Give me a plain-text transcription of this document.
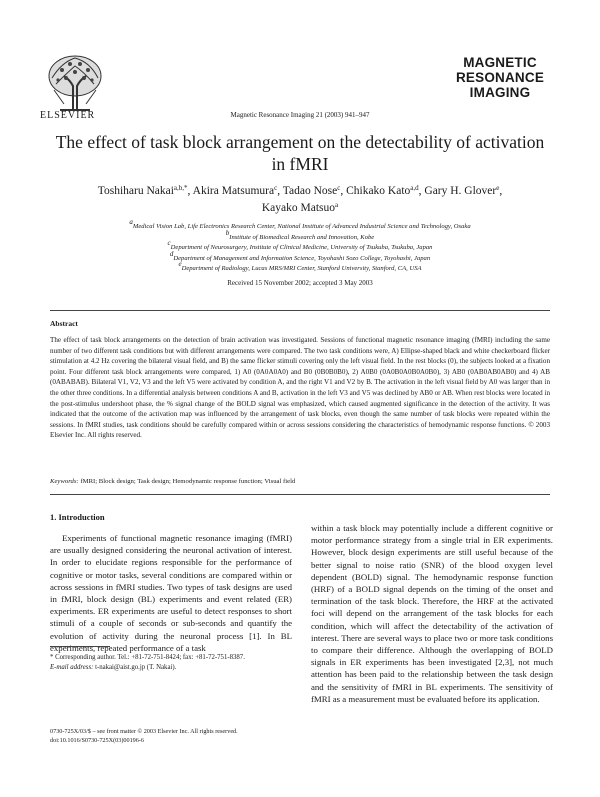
ELSEVIER	Magnetic Resonance Imaging 21 (2003) 941–947
MAGNETIC
RESONANCE
IMAGING
The effect of task block arrangement on the detectability of activation
in fMRI
Toshiharu Nakai$^{a,b,*}$, Akira Matsumura$^c$, Tadao Nose$^c$, Chikako Kato$^{a,d}$, Gary H. Glover$^e$,
Kayako Matsuo$^a$
$^a$Medical Vision Lab, Life Electronics Research Center, National Institute of Advanced Industrial Science and Technology, Osaka
$^b$Institute of Biomedical Research and Innovation, Kobe
$^c$Department of Neurosurgery, Institute of Clinical Medicine, University of Tsukuba, Tsukuba, Japan
$^d$Department of Management and Information Science, Toyohashi Sozo College, Toyohashi, Japan
$^e$Department of Radiology, Lucas MRS/MRI Center, Stanford University, Stanford, CA, USA
Received 15 November 2002; accepted 3 May 2003
Abstract
The effect of task block arrangements on the detection of brain activation was investigated. Sessions of functional magnetic resonance imaging (fMRI) including the same number of two different task conditions but with different arrangements were compared. The two task conditions were, A) Ellipse-shaped black and white checkerboard flicker stimulation at 4.2 Hz covering the bilateral visual field, and B) the same flicker stimuli covering only the left visual field. In the rest blocks (0), the subjects looked at a fixation point. Four different task block arrangements were compared, 1) A0 (0A0A0A0) and B0 (0B0B0B0), 2) A0B0 (0A0B0A0B0A0B0), 3) AB0 (0AB0AB0AB0) and 4) AB (0ABABAB). Bilateral V1, V2, V3 and the left V5 were activated by condition A, and the right V1 and V2 by B. The activation in the left visual field by A0 was larger than in the other three conditions. In a differential analysis between conditions A and B, activation in the left V3 and V5 was declined by AB0 or AB. When rest blocks were located in the post-stimulus undershoot phase, the % signal change of the BOLD signal was emphasized, which caused augmented significance in the detection of the activity. It was indicated that the outcome of the activation map was influenced by the arrangement of task blocks, even though the same number of task blocks were repeated within the sessions. In fMRI studies, task conditions should be carefully compared within or across sessions considering the characteristics of hemodynamic response functions. © 2003 Elsevier Inc. All rights reserved.
Keywords: fMRI; Block design; Task design; Hemodynamic response function; Visual field
1. Introduction
Experiments of functional magnetic resonance imaging (fMRI) are usually designed considering the neuronal activation of interest. In order to elucidate regions responsible for the performance of cognitive or motor tasks, several conditions are compared within or across sessions in fMRI studies. Two types of task designs are used in fMRI, block design (BL) experiments and event related (ER) experiments. ER experiments are useful to detect responses to short stimuli of a couple of seconds or sub-seconds and quantify the evolution of activity during the neuronal process [1]. In BL experiments, repeated performance of a task
within a task block may potentially include a different cognitive or motor performance strategy from a single trial in ER experiments. However, block design experiments are still useful because of the better signal to noise ratio (SNR) of the blood oxygen level dependent (BOLD) signal. The hemodynamic response function (HRF) of a BOLD signal depends on the timing of the onset and termination of the task block. Therefore, the HRF at the activated foci will depend on the arrangement of the task blocks for each condition, which will affect the detectability of the activation of interest. There are several ways to place two or more task conditions to compare their difference. Although the overlapping of BOLD signals in ER experiments has been investigated [2,3], not much attention has been paid to the relationship between the task design and the sensitivity of fMRI in BL experiments. The sensitivity of fMRI as a measurement must be evaluated before its application.
* Corresponding author. Tel.: +81-72-751-8424; fax: +81-72-751-8387.
E-mail address: t-nakai@aist.go.jp (T. Nakai).
0730-725X/03/$ – see front matter © 2003 Elsevier Inc. All rights reserved.
doi:10.1016/S0730-725X(03)00196-6
